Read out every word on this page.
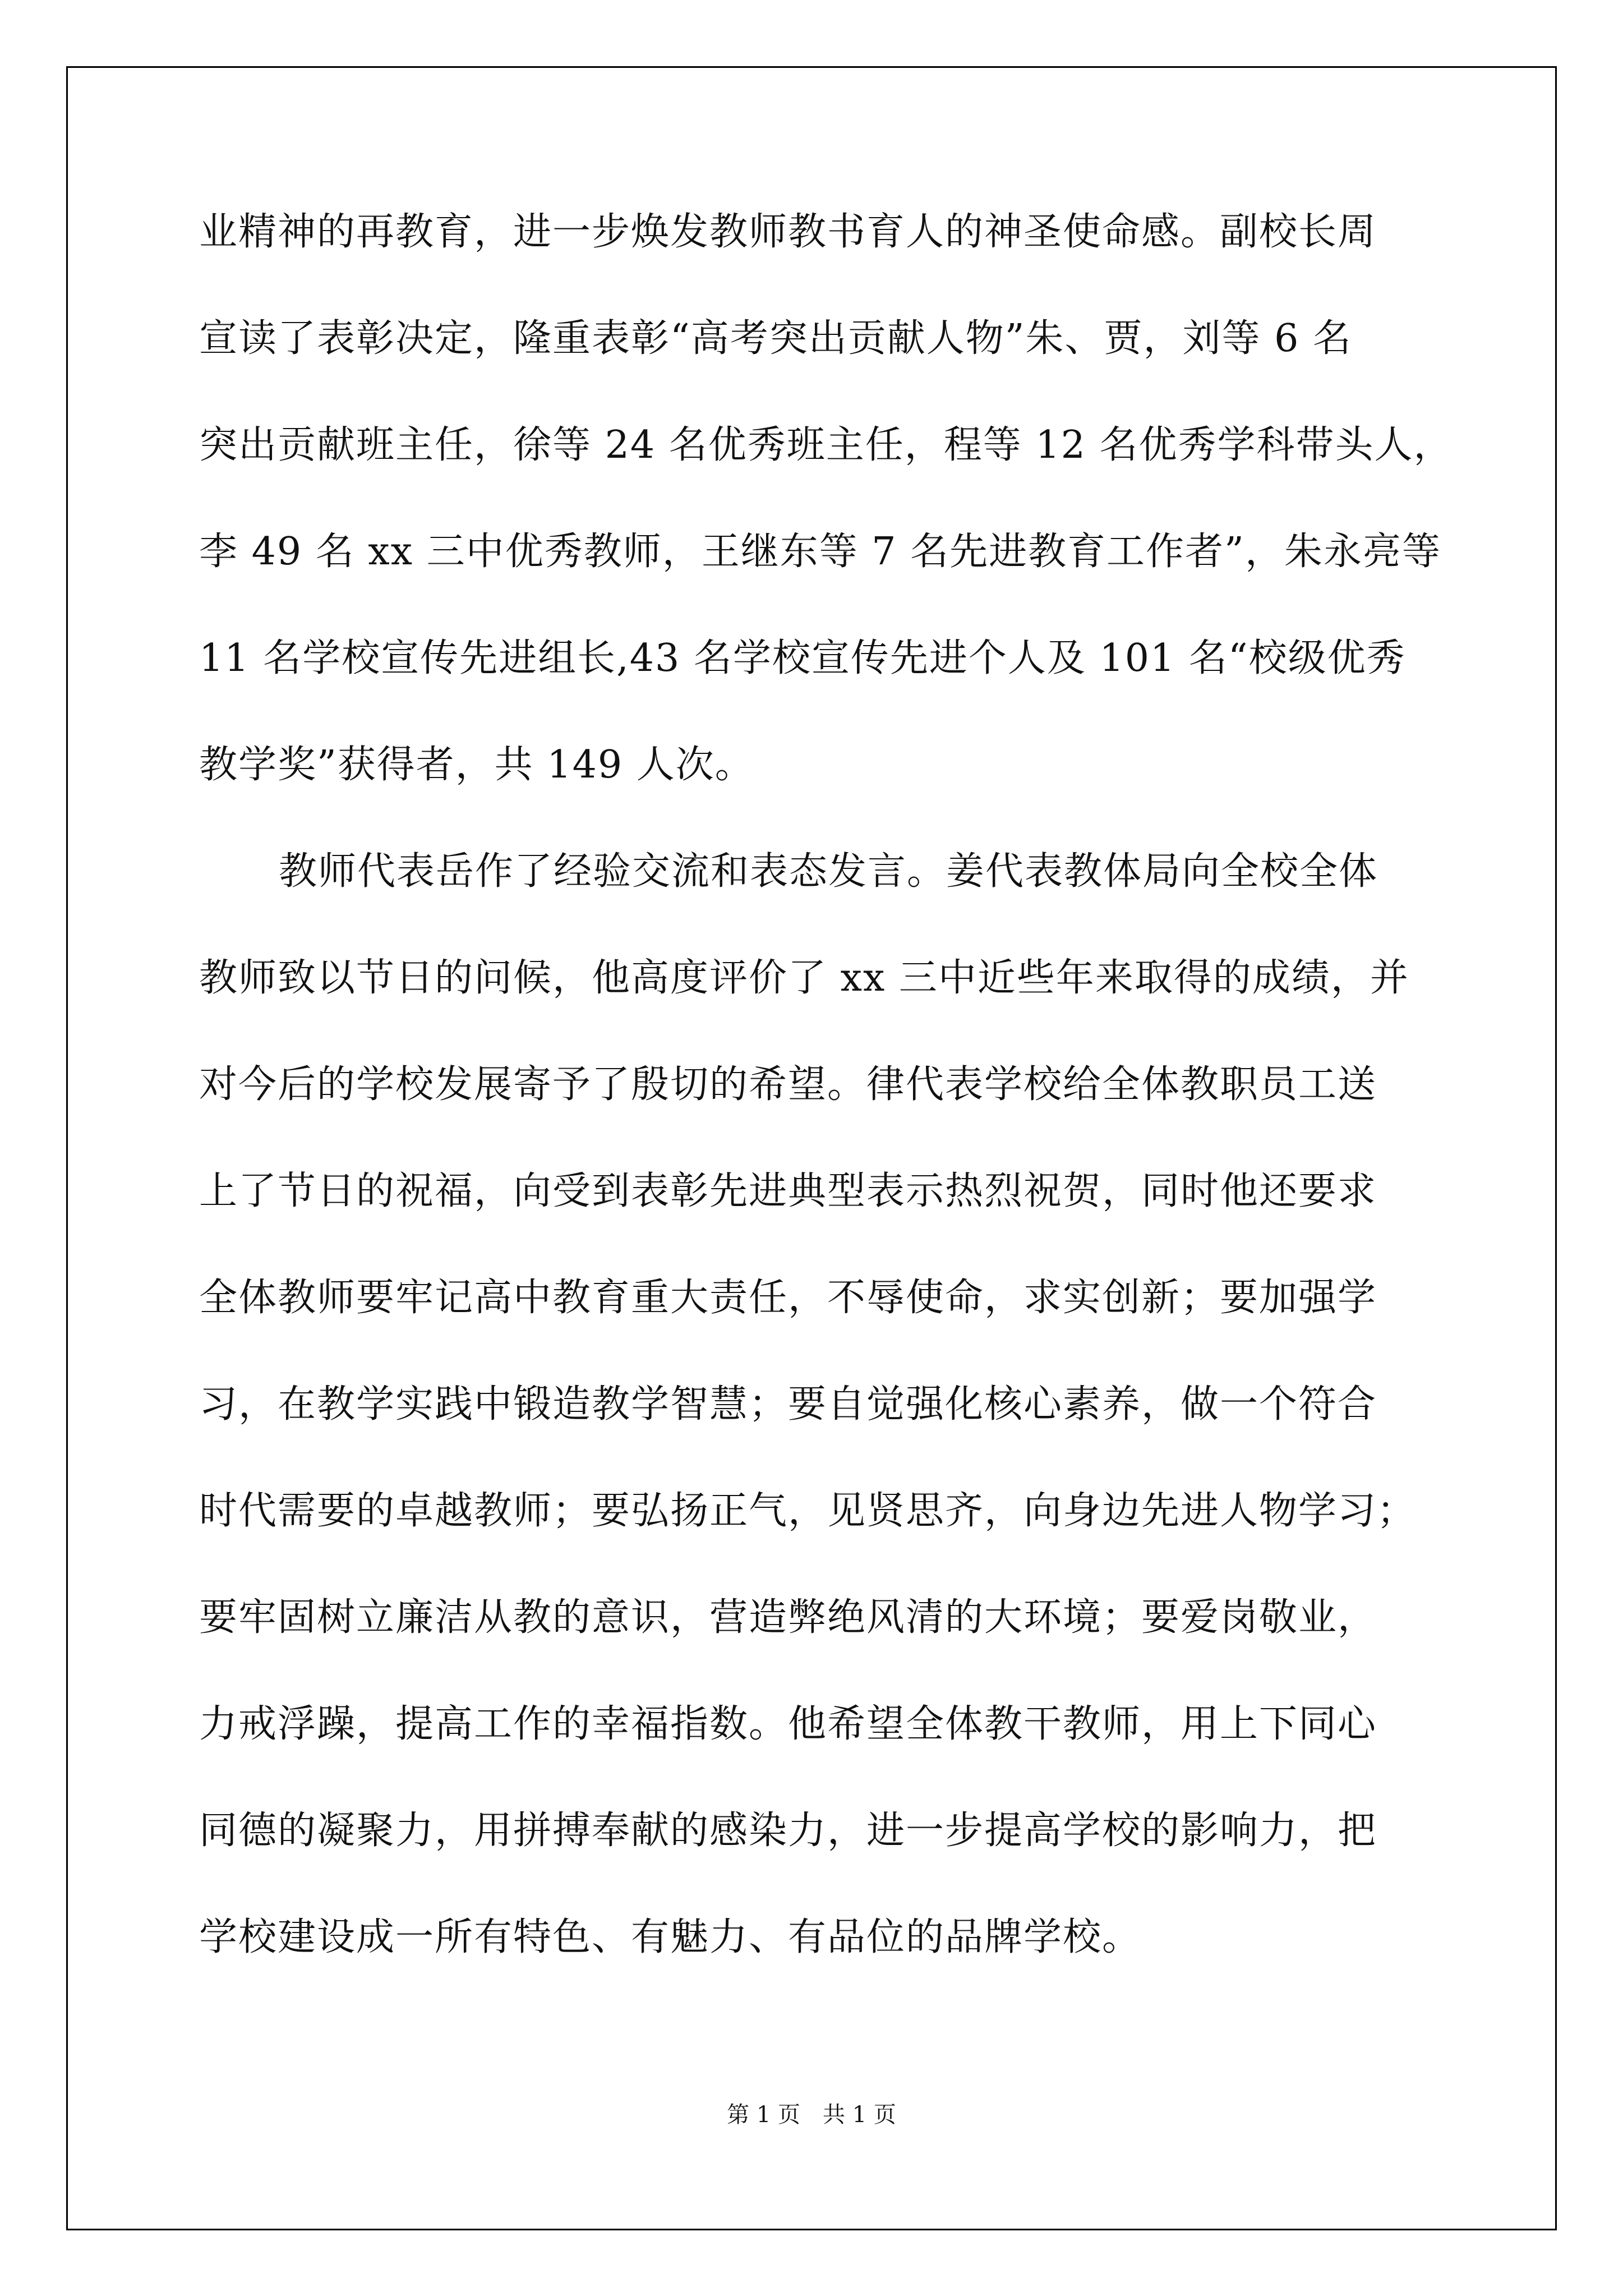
业精神的再教育，进一步焕发教师教书育人的神圣使命感。副校长周
宣读了表彰决定，隆重表彰“高考突出贡献人物”朱、贾，刘等 6 名
突出贡献班主任，徐等 24 名优秀班主任，程等 12 名优秀学科带头人，
李 49 名 xx 三中优秀教师，王继东等 7 名先进教育工作者”，朱永亮等
11 名学校宣传先进组长,43 名学校宣传先进个人及 101 名“校级优秀
教学奖”获得者，共 149 人次。
教师代表岳作了经验交流和表态发言。姜代表教体局向全校全体
教师致以节日的问候，他高度评价了 xx 三中近些年来取得的成绩，并
对今后的学校发展寄予了殷切的希望。律代表学校给全体教职员工送
上了节日的祝福，向受到表彰先进典型表示热烈祝贺，同时他还要求
全体教师要牢记高中教育重大责任，不辱使命，求实创新；要加强学
习，在教学实践中锻造教学智慧；要自觉强化核心素养，做一个符合
时代需要的卓越教师；要弘扬正气，见贤思齐，向身边先进人物学习；
要牢固树立廉洁从教的意识，营造弊绝风清的大环境；要爱岗敬业，
力戒浮躁，提高工作的幸福指数。他希望全体教干教师，用上下同心
同德的凝聚力，用拼搏奉献的感染力，进一步提高学校的影响力，把
学校建设成一所有特色、有魅力、有品位的品牌学校。
第 1 页　共 1 页
